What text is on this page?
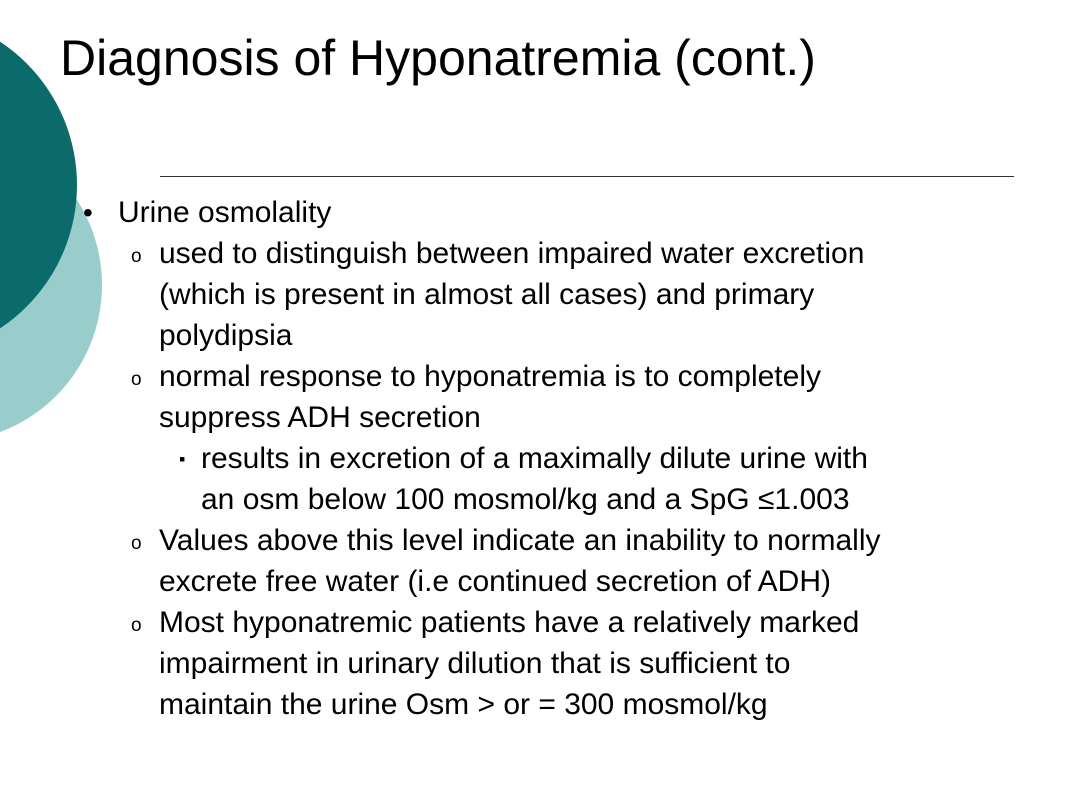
Diagnosis of Hyponatremia (cont.)
• Urine osmolality
o used to distinguish between impaired water excretion
(which is present in almost all cases) and primary
polydipsia
o normal response to hyponatremia is to completely
suppress ADH secretion
▪ results in excretion of a maximally dilute urine with
an osm below 100 mosmol/kg and a SpG ≤1.003
o Values above this level indicate an inability to normally
excrete free water (i.e continued secretion of ADH)
o Most hyponatremic patients have a relatively marked
impairment in urinary dilution that is sufficient to
maintain the urine Osm > or = 300 mosmol/kg
